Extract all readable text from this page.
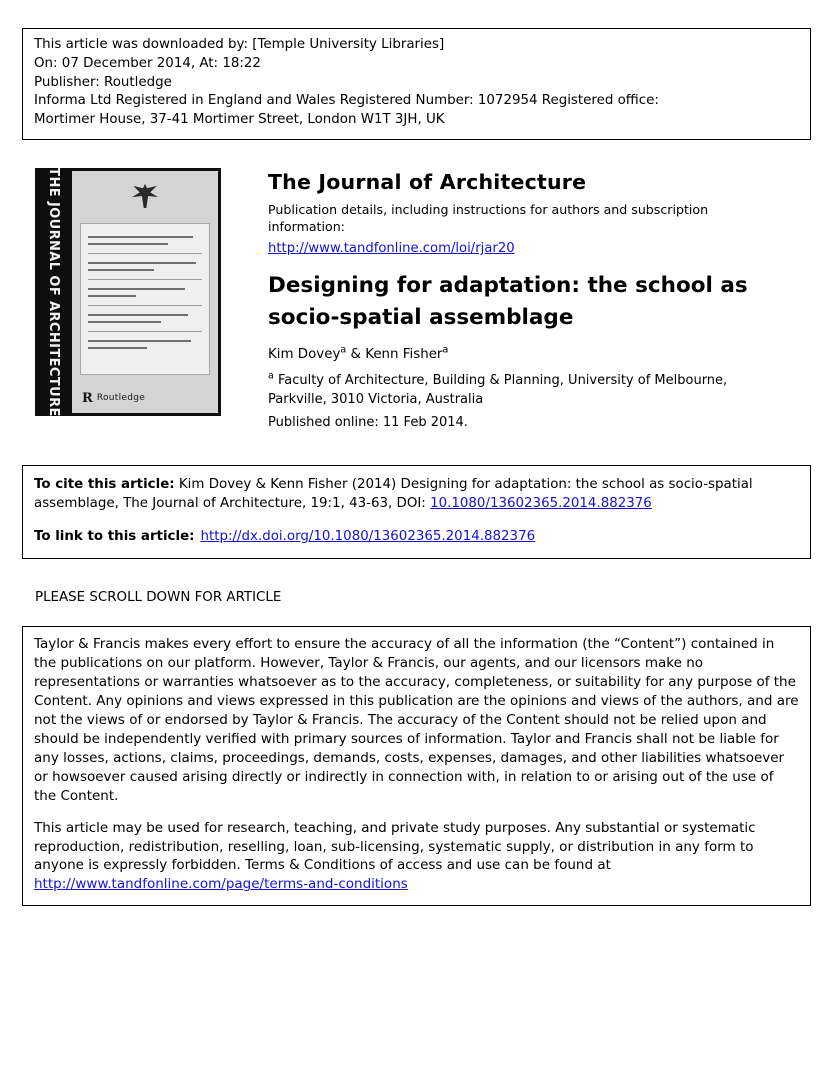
This article was downloaded by: [Temple University Libraries]
On: 07 December 2014, At: 18:22
Publisher: Routledge
Informa Ltd Registered in England and Wales Registered Number: 1072954 Registered office:
Mortimer House, 37-41 Mortimer Street, London W1T 3JH, UK
THE JOURNAL OF ARCHITECTURE	R Routledge
The Journal of Architecture

Publication details, including instructions for authors and subscription information:

http://www.tandfonline.com/loi/rjar20
Designing for adaptation: the school as socio-spatial assemblage

Kim Dovey$^a$ & Kenn Fisher$^a$

$^a$ Faculty of Architecture, Building & Planning, University of Melbourne, Parkville, 3010 Victoria, Australia

Published online: 11 Feb 2014.

To cite this article: Kim Dovey & Kenn Fisher (2014) Designing for adaptation: the school as socio-spatial assemblage, The Journal of Architecture, 19:1, 43-63, DOI: 10.1080/13602365.2014.882376

To link to this article: http://dx.doi.org/10.1080/13602365.2014.882376

PLEASE SCROLL DOWN FOR ARTICLE

Taylor & Francis makes every effort to ensure the accuracy of all the information (the “Content”) contained in the publications on our platform. However, Taylor & Francis, our agents, and our licensors make no representations or warranties whatsoever as to the accuracy, completeness, or suitability for any purpose of the Content. Any opinions and views expressed in this publication are the opinions and views of the authors, and are not the views of or endorsed by Taylor & Francis. The accuracy of the Content should not be relied upon and should be independently verified with primary sources of information. Taylor and Francis shall not be liable for any losses, actions, claims, proceedings, demands, costs, expenses, damages, and other liabilities whatsoever or howsoever caused arising directly or indirectly in connection with, in relation to or arising out of the use of the Content.

This article may be used for research, teaching, and private study purposes. Any substantial or systematic reproduction, redistribution, reselling, loan, sub-licensing, systematic supply, or distribution in any form to anyone is expressly forbidden. Terms & Conditions of access and use can be found at http://www.tandfonline.com/page/terms-and-conditions
